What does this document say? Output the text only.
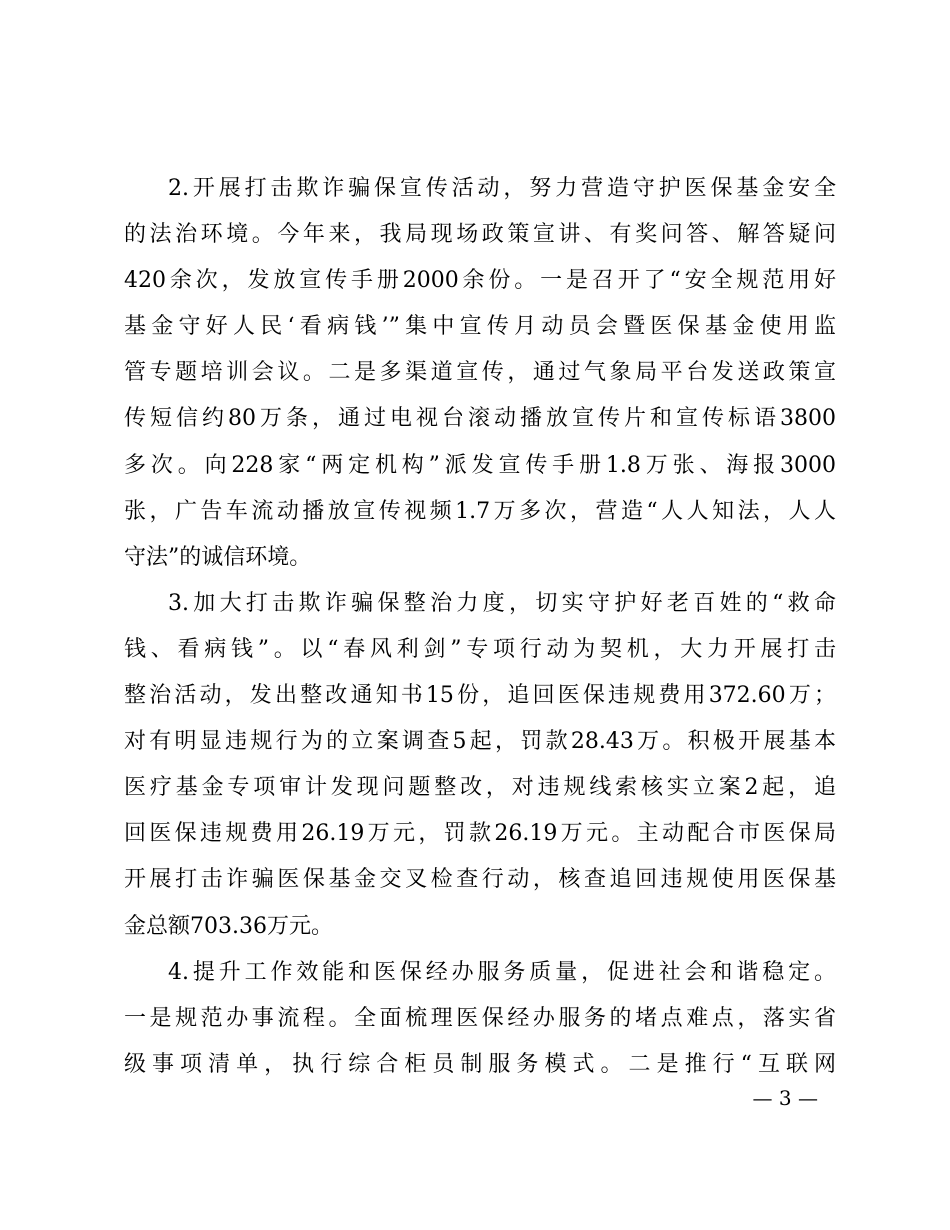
2.开展打击欺诈骗保宣传活动，努力营造守护医保基金安全
的法治环境。今年来，我局现场政策宣讲、有奖问答、解答疑问
420余次，发放宣传手册2000余份。一是召开了“安全规范用好
基金守好人民‘看病钱’”集中宣传月动员会暨医保基金使用监
管专题培训会议。二是多渠道宣传，通过气象局平台发送政策宣
传短信约80万条，通过电视台滚动播放宣传片和宣传标语3800
多次。向228家“两定机构”派发宣传手册1.8万张、海报3000
张，广告车流动播放宣传视频1.7万多次，营造“人人知法，人人
守法”的诚信环境。
3.加大打击欺诈骗保整治力度，切实守护好老百姓的“救命
钱、看病钱”。以“春风利剑”专项行动为契机，大力开展打击
整治活动，发出整改通知书15份，追回医保违规费用372.60万；
对有明显违规行为的立案调查5起，罚款28.43万。积极开展基本
医疗基金专项审计发现问题整改，对违规线索核实立案2起，追
回医保违规费用26.19万元，罚款26.19万元。主动配合市医保局
开展打击诈骗医保基金交叉检查行动，核查追回违规使用医保基
金总额703.36万元。
4.提升工作效能和医保经办服务质量，促进社会和谐稳定。
一是规范办事流程。全面梳理医保经办服务的堵点难点，落实省
级事项清单，执行综合柜员制服务模式。二是推行“互联网
— 3 —
